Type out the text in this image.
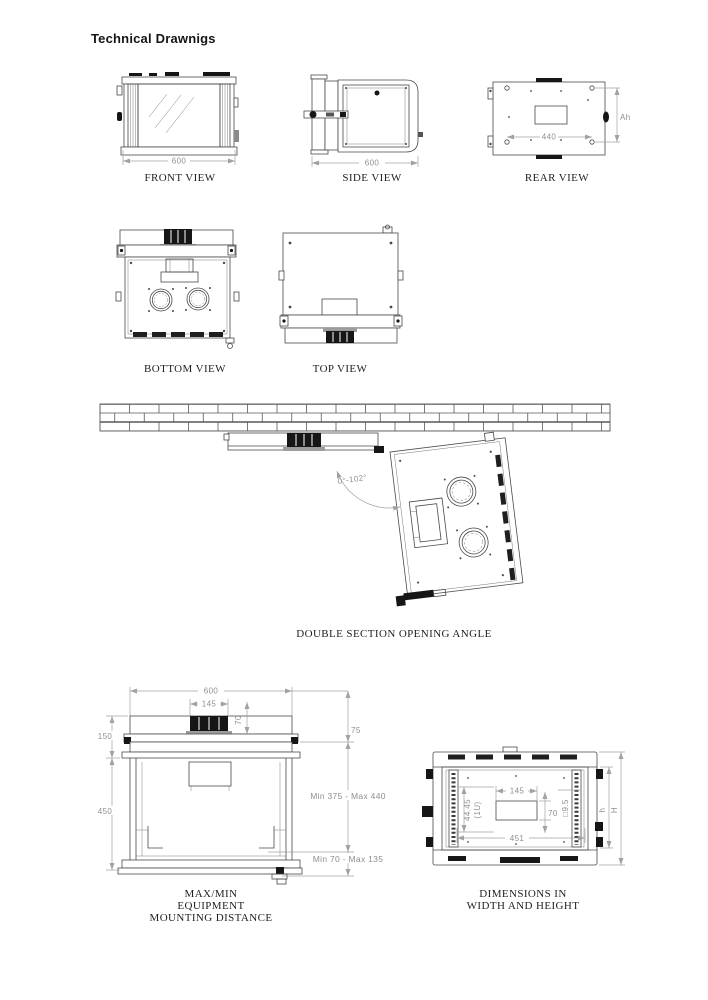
Technical Drawnigs
600
FRONT VIEW
600
SIDE VIEW
440
Ah
REAR VIEW
BOTTOM VIEW	TOP VIEW
0°-102°
DOUBLE SECTION OPENING ANGLE
600
145
70
75
150
450
Min 375 - Max 440
Min 70 - Max 135
MAX/MIN
EQUIPMENT
MOUNTING DISTANCE
145
70
44.45 (1U)	□9.5
451
h H
DIMENSIONS IN
WIDTH AND HEIGHT
